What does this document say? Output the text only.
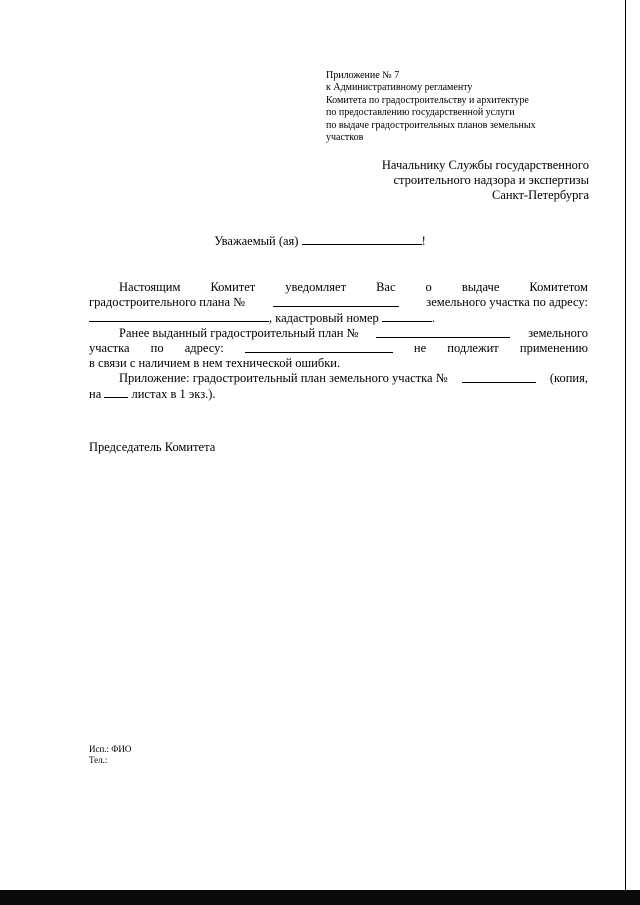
Приложение № 7
к Административному регламенту
Комитета по градостроительству и архитектуре
по предоставлению государственной услуги
по выдаче градостроительных планов земельных
участков
Начальнику Службы государственного
строительного надзора и экспертизы
Санкт-Петербурга
Уважаемый (ая)	!
Настоящим Комитет уведомляет Вас о выдаче Комитетом
градостроительного плана №	земельного участка по адресу:
, кадастровый номер	.
Ранее выданный градостроительный план №	земельного
участка по адресу:	не подлежит применению
в связи с наличием в нем технической ошибки.
Приложение: градостроительный план земельного участка №	(копия,
на листах в 1 экз.).
Председатель Комитета
Исп.: ФИО
Тел.:
